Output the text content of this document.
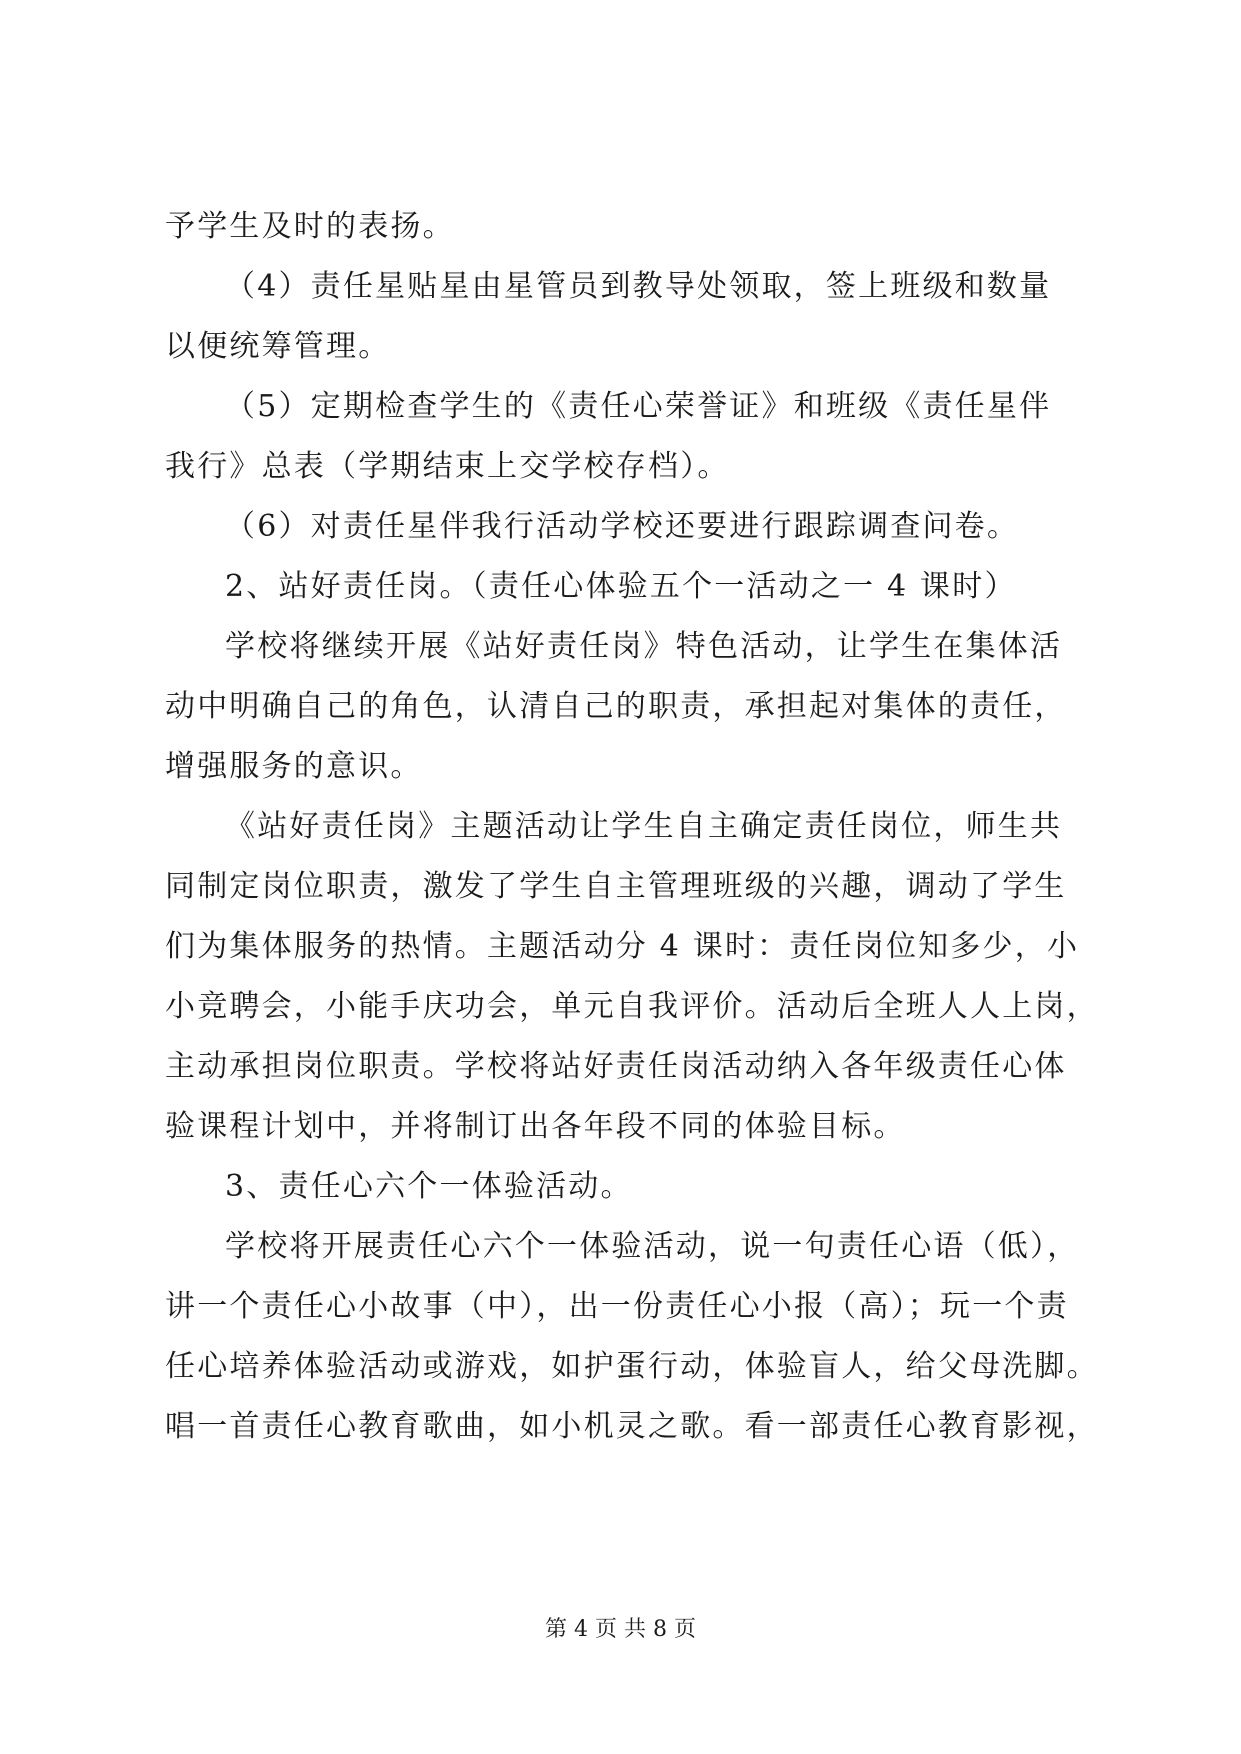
予学生及时的表扬。
（4）责任星贴星由星管员到教导处领取，签上班级和数量
以便统筹管理。
（5）定期检查学生的《责任心荣誉证》和班级《责任星伴
我行》总表（学期结束上交学校存档）。
（6）对责任星伴我行活动学校还要进行跟踪调查问卷。
2、站好责任岗。（责任心体验五个一活动之一 4 课时）
学校将继续开展《站好责任岗》特色活动，让学生在集体活
动中明确自己的角色，认清自己的职责，承担起对集体的责任，
增强服务的意识。
《站好责任岗》主题活动让学生自主确定责任岗位，师生共
同制定岗位职责，激发了学生自主管理班级的兴趣，调动了学生
们为集体服务的热情。主题活动分 4 课时：责任岗位知多少，小
小竞聘会，小能手庆功会，单元自我评价。活动后全班人人上岗，
主动承担岗位职责。学校将站好责任岗活动纳入各年级责任心体
验课程计划中，并将制订出各年段不同的体验目标。
3、责任心六个一体验活动。
学校将开展责任心六个一体验活动，说一句责任心语（低），
讲一个责任心小故事（中），出一份责任心小报（高）；玩一个责
任心培养体验活动或游戏，如护蛋行动，体验盲人，给父母洗脚。
唱一首责任心教育歌曲，如小机灵之歌。看一部责任心教育影视，
第 4 页 共 8 页
